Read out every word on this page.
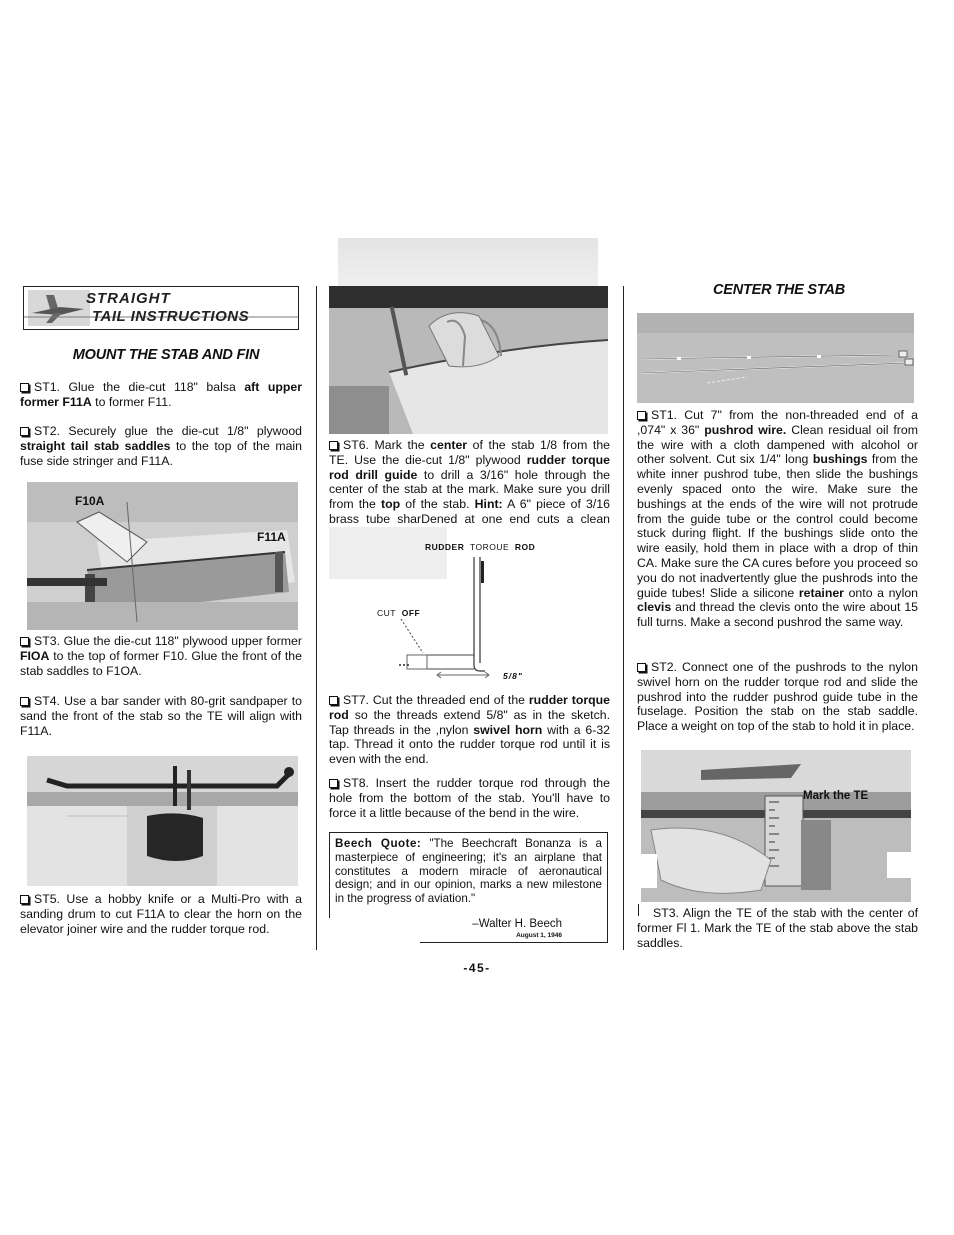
STRAIGHT
TAIL INSTRUCTIONS

MOUNT THE STAB AND FIN

ST1. Glue the die-cut 118" balsa aft upper former F11A to former F11.

ST2. Securely glue the die-cut 1/8" plywood straight tail stab saddles to the top of the main fuse side stringer and F11A.

F10A
F11A

ST3. Glue the die-cut 118" plywood upper former FIOA to the top of former F10. Glue the front of the stab saddles to F1OA.

ST4. Use a bar sander with 80-grit sandpaper to sand the front of the stab so the TE will align with F11A.

ST5. Use a hobby knife or a Multi-Pro with a sanding drum to cut F11A to clear the horn on the elevator joiner wire and the rudder torque rod.

ST6. Mark the center of the stab 1/8 from the TE. Use the die-cut 1/8" plywood rudder torque rod drill guide to drill a 3/16" hole through the center of the stab at the mark. Make sure you drill from the top of the stab. Hint: A 6" piece of 3/16 brass tube sharDened at one end cuts a clean

RUDDER TOROUE ROD
CUT OFF
5/8"

ST7. Cut the threaded end of the rudder torque rod so the threads extend 5/8" as in the sketch. Tap threads in the ,nylon swivel horn with a 6-32 tap. Thread it onto the rudder torque rod until it is even with the end.

ST8. Insert the rudder torque rod through the hole from the bottom of the stab. You'll have to force it a little because of the bend in the wire.

Beech Quote: "The Beechcraft Bonanza is a masterpiece of engineering; it's an airplane that constitutes a modern miracle of aeronautical design; and in our opinion, marks a new milestone in the progress of aviation."
–Walter H. Beech
August 1, 1946

CENTER THE STAB

ST1. Cut 7" from the non-threaded end of a ,074" x 36" pushrod wire. Clean residual oil from the wire with a cloth dampened with alcohol or other solvent. Cut six 1/4" long bushings from the white inner pushrod tube, then slide the bushings evenly spaced onto the wire. Make sure the bushings at the ends of the wire will not protrude from the guide tube or the control could become stuck during flight. If the bushings slide onto the wire easily, hold them in place with a drop of thin CA. Make sure the CA cures before you proceed so you do not inadvertently glue the pushrods into the guide tubes! Slide a silicone retainer onto a nylon clevis and thread the clevis onto the wire about 15 full turns. Make a second pushrod the same way.

ST2. Connect one of the pushrods to the nylon swivel horn on the rudder torque rod and slide the pushrod into the rudder pushrod guide tube in the fuselage. Position the stab on the stab saddle. Place a weight on top of the stab to hold it in place.

Mark the TE

ST3. Align the TE of the stab with the center of former Fl 1. Mark the TE of the stab above the stab saddles.

-45-
